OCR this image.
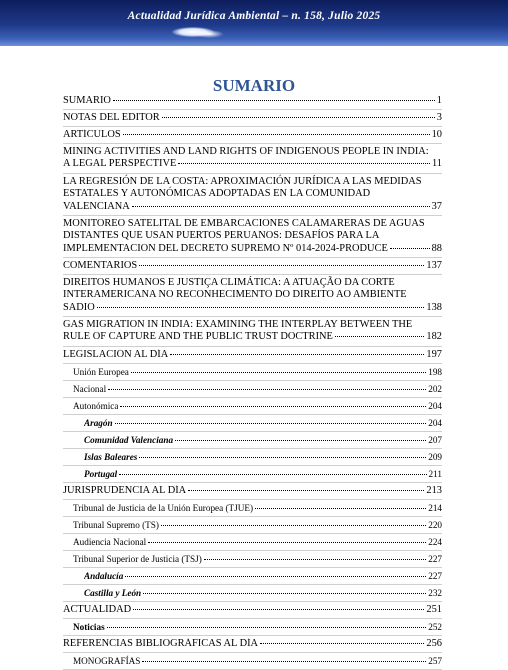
Actualidad Jurídica Ambiental – n. 158, Julio 2025
SUMARIO
SUMARIO	1
NOTAS DEL EDITOR	3
ARTÍCULOS	10
MINING ACTIVITIES AND LAND RIGHTS OF INDIGENOUS PEOPLE IN INDIA:
A LEGAL PERSPECTIVE	11
LA REGRESIÓN DE LA COSTA: APROXIMACIÓN JURÍDICA A LAS MEDIDAS
ESTATALES Y AUTONÓMICAS ADOPTADAS EN LA COMUNIDAD
VALENCIANA	37
MONITOREO SATELITAL DE EMBARCACIONES CALAMARERAS DE AGUAS
DISTANTES QUE USAN PUERTOS PERUANOS: DESAFÍOS PARA LA
IMPLEMENTACIÓN DEL DECRETO SUPREMO Nº 014-2024-PRODUCE	88
COMENTARIOS	137
DIREITOS HUMANOS E JUSTIÇA CLIMÁTICA: A ATUAÇÃO DA CORTE
INTERAMERICANA NO RECONHECIMENTO DO DIREITO AO AMBIENTE
SADIO	138
GAS MIGRATION IN INDIA: EXAMINING THE INTERPLAY BETWEEN THE
RULE OF CAPTURE AND THE PUBLIC TRUST DOCTRINE	182
LEGISLACIÓN AL DÍA	197
Unión Europea	198
Nacional	202
Autonómica	204
Aragón	204
Comunidad Valenciana	207
Islas Baleares	209
Portugal	211
JURISPRUDENCIA AL DÍA	213
Tribunal de Justicia de la Unión Europea (TJUE)	214
Tribunal Supremo (TS)	220
Audiencia Nacional	224
Tribunal Superior de Justicia (TSJ)	227
Andalucía	227
Castilla y León	232
ACTUALIDAD	251
Noticias	252
REFERENCIAS BIBLIOGRÁFICAS AL DÍA	256
MONOGRAFÍAS	257
